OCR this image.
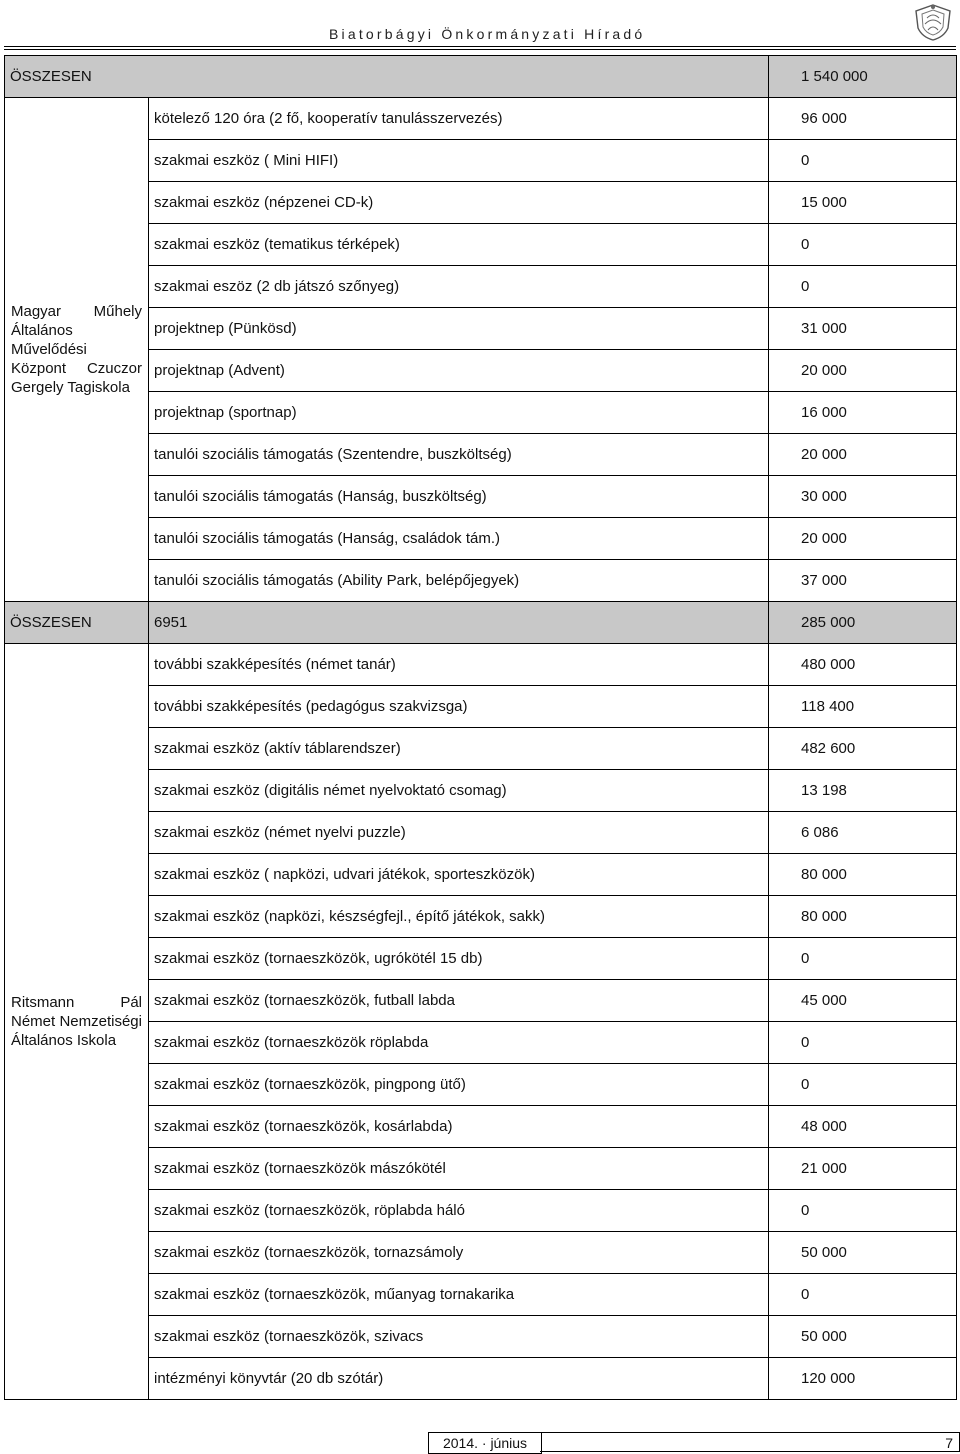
Biatorbágyi Önkormányzati Híradó
ÖSSZESEN		1 540 000
Magyar Műhely Általános Művelődési Központ Czuczor Gergely Tagiskola	kötelező 120 óra (2 fő, kooperatív tanulásszervezés)	96 000
	szakmai eszköz ( Mini HIFI)	0
	szakmai eszköz (népzenei CD-k)	15 000
	szakmai eszköz (tematikus térképek)	0
	szakmai eszöz (2 db játszó szőnyeg)	0
	projektnep (Pünkösd)	31 000
	projektnap (Advent)	20 000
	projektnap (sportnap)	16 000
	tanulói szociális támogatás (Szentendre, buszköltség)	20 000
	tanulói szociális támogatás (Hanság, buszköltség)	30 000
	tanulói szociális támogatás (Hanság, családok tám.)	20 000
	tanulói szociális támogatás (Ability Park, belépőjegyek)	37 000
ÖSSZESEN	6951	285 000
Ritsmann Pál Német Nemzetiségi Általános Iskola	további szakképesítés (német tanár)	480 000
	további szakképesítés (pedagógus szakvizsga)	118 400
	szakmai eszköz (aktív táblarendszer)	482 600
	szakmai eszköz (digitális német nyelvoktató csomag)	13 198
	szakmai eszköz (német nyelvi puzzle)	6 086
	szakmai eszköz ( napközi, udvari játékok, sporteszközök)	80 000
	szakmai eszköz (napközi, készségfejl., építő játékok, sakk)	80 000
	szakmai eszköz (tornaeszközök, ugrókötél 15 db)	0
	szakmai eszköz (tornaeszközök, futball labda	45 000
	szakmai eszköz (tornaeszközök röplabda	0
	szakmai eszköz (tornaeszközök, pingpong ütő)	0
	szakmai eszköz (tornaeszközök, kosárlabda)	48 000
	szakmai eszköz (tornaeszközök mászókötél	21 000
	szakmai eszköz (tornaeszközök, röplabda háló	0
	szakmai eszköz (tornaeszközök, tornazsámoly	50 000
	szakmai eszköz (tornaeszközök, műanyag tornakarika	0
	szakmai eszköz (tornaeszközök, szivacs	50 000
	intézményi könyvtár (20 db szótár)	120 000
2014. · június	7
